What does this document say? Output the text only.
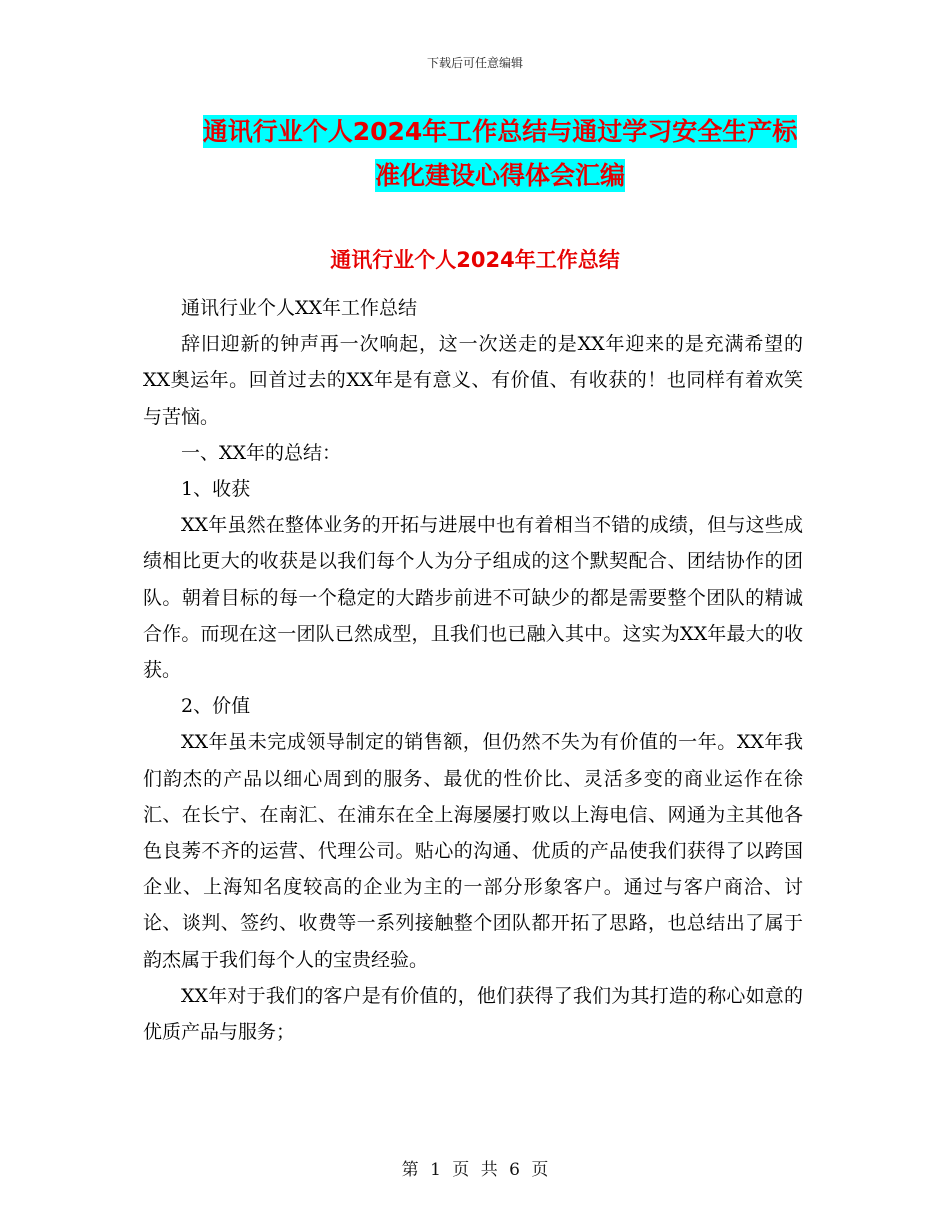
下载后可任意编辑
通讯行业个人2024年工作总结与通过学习安全生产标
准化建设心得体会汇编
通讯行业个人2024年工作总结

通讯行业个人XX年工作总结

辞旧迎新的钟声再一次响起，这一次送走的是XX年迎来的是充满希望的XX奥运年。回首过去的XX年是有意义、有价值、有收获的！也同样有着欢笑与苦恼。

一、XX年的总结：

1、收获

XX年虽然在整体业务的开拓与进展中也有着相当不错的成绩，但与这些成绩相比更大的收获是以我们每个人为分子组成的这个默契配合、团结协作的团队。朝着目标的每一个稳定的大踏步前进不可缺少的都是需要整个团队的精诚合作。而现在这一团队已然成型，且我们也已融入其中。这实为XX年最大的收获。

2、价值

XX年虽未完成领导制定的销售额，但仍然不失为有价值的一年。XX年我们韵杰的产品以细心周到的服务、最优的性价比、灵活多变的商业运作在徐汇、在长宁、在南汇、在浦东在全上海屡屡打败以上海电信、网通为主其他各色良莠不齐的运营、代理公司。贴心的沟通、优质的产品使我们获得了以跨国企业、上海知名度较高的企业为主的一部分形象客户。通过与客户商洽、讨论、谈判、签约、收费等一系列接触整个团队都开拓了思路，也总结出了属于韵杰属于我们每个人的宝贵经验。

XX年对于我们的客户是有价值的，他们获得了我们为其打造的称心如意的优质产品与服务；

第 1 页 共 6 页
